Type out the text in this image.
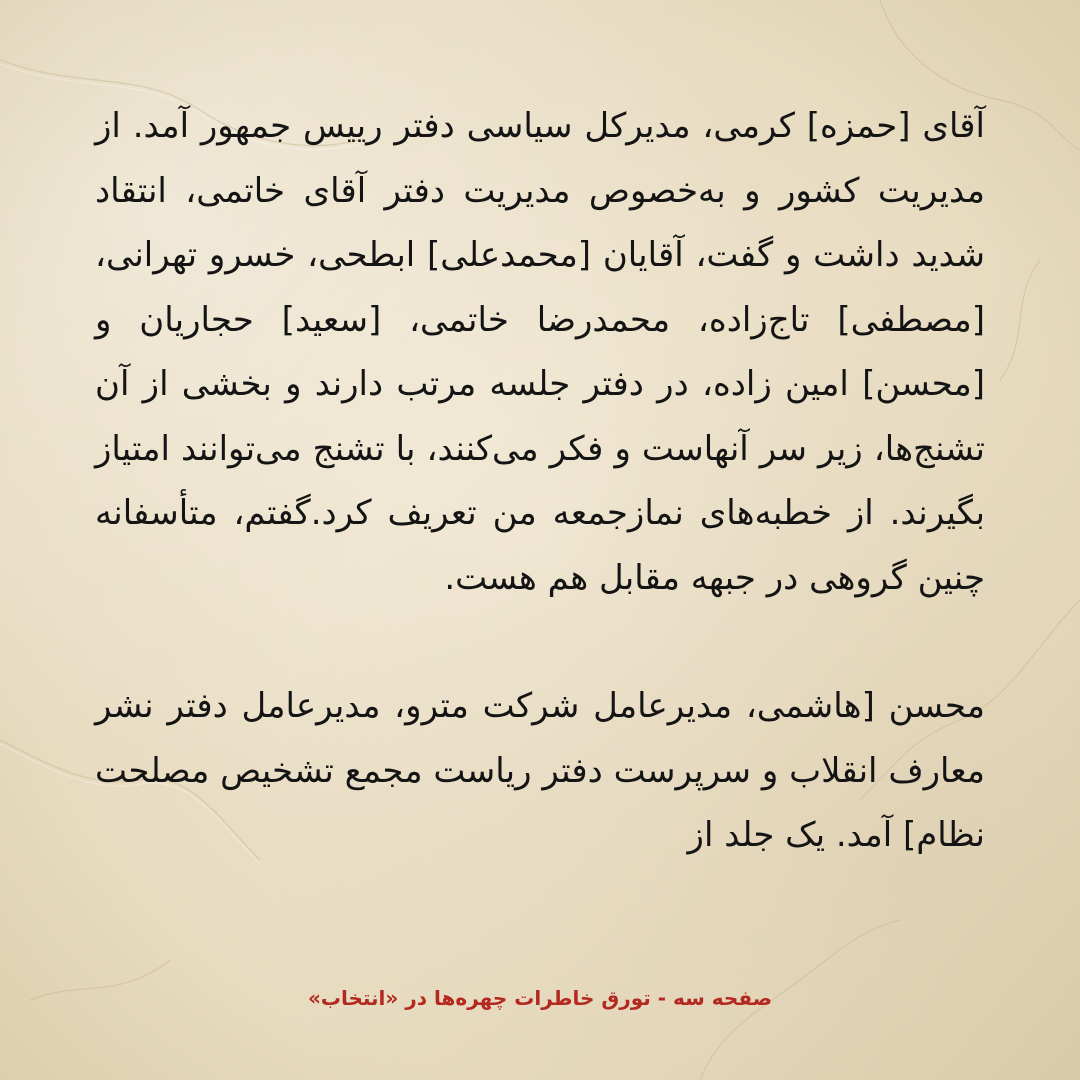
آقای [حمزه] کرمی، مدیرکل سیاسی دفتر رییس جمهور آمد. از مدیریت کشور و به‌خصوص مدیریت دفتر آقای خاتمی، انتقاد شدید داشت و گفت، آقایان [محمدعلی] ابطحی، خسرو تهرانی، [مصطفی] تاج‌زاده، محمدرضا خاتمی، [سعید] حجاریان و [محسن] امین زاده، در دفتر جلسه مرتب دارند و بخشی از آن تشنج‌ها، زیر سر آنهاست و فکر می‌کنند، با تشنج می‌توانند امتیاز بگیرند. از خطبه‌های نمازجمعه من تعریف کرد.گفتم، متأسفانه چنین گروهی در جبهه مقابل هم هست.

محسن [هاشمی، مدیرعامل شرکت مترو، مدیرعامل دفتر نشر معارف انقلاب و سرپرست دفتر ریاست مجمع تشخیص مصلحت نظام] آمد. یک جلد از

صفحه سه - تورق خاطرات چهره‌ها در «انتخاب»
